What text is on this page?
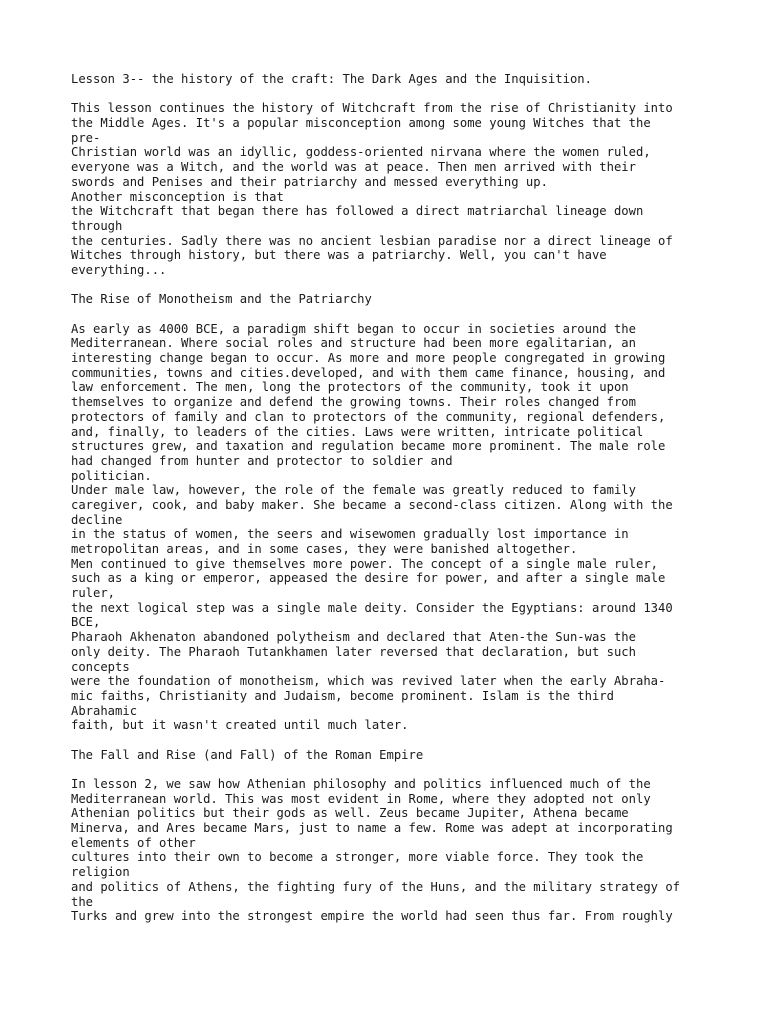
Lesson 3-- the history of the craft: The Dark Ages and the Inquisition.
This lesson continues the history of Witchcraft from the rise of Christianity into
the Middle Ages. It's a popular misconception among some young Witches that the
pre-
Christian world was an idyllic, goddess-oriented nirvana where the women ruled,
everyone was a Witch, and the world was at peace. Then men arrived with their
swords and Penises and their patriarchy and messed everything up.
Another misconception is that
the Witchcraft that began there has followed a direct matriarchal lineage down
through
the centuries. Sadly there was no ancient lesbian paradise nor a direct lineage of
Witches through history, but there was a patriarchy. Well, you can't have
everything...
The Rise of Monotheism and the Patriarchy
As early as 4000 BCE, a paradigm shift began to occur in societies around the
Mediterranean. Where social roles and structure had been more egalitarian, an
interesting change began to occur. As more and more people congregated in growing
communities, towns and cities.developed, and with them came finance, housing, and
law enforcement. The men, long the protectors of the community, took it upon
themselves to organize and defend the growing towns. Their roles changed from
protectors of family and clan to protectors of the community, regional defenders,
and, finally, to leaders of the cities. Laws were written, intricate political
structures grew, and taxation and regulation became more prominent. The male role
had changed from hunter and protector to soldier and
politician.
Under male law, however, the role of the female was greatly reduced to family
caregiver, cook, and baby maker. She became a second-class citizen. Along with the
decline
in the status of women, the seers and wisewomen gradually lost importance in
metropolitan areas, and in some cases, they were banished altogether.
Men continued to give themselves more power. The concept of a single male ruler,
such as a king or emperor, appeased the desire for power, and after a single male
ruler,
the next logical step was a single male deity. Consider the Egyptians: around 1340
BCE,
Pharaoh Akhenaton abandoned polytheism and declared that Aten-the Sun-was the
only deity. The Pharaoh Tutankhamen later reversed that declaration, but such
concepts
were the foundation of monotheism, which was revived later when the early Abraha-
mic faiths, Christianity and Judaism, become prominent. Islam is the third
Abrahamic
faith, but it wasn't created until much later.
The Fall and Rise (and Fall) of the Roman Empire
In lesson 2, we saw how Athenian philosophy and politics influenced much of the
Mediterranean world. This was most evident in Rome, where they adopted not only
Athenian politics but their gods as well. Zeus became Jupiter, Athena became
Minerva, and Ares became Mars, just to name a few. Rome was adept at incorporating
elements of other
cultures into their own to become a stronger, more viable force. They took the
religion
and politics of Athens, the fighting fury of the Huns, and the military strategy of
the
Turks and grew into the strongest empire the world had seen thus far. From roughly
